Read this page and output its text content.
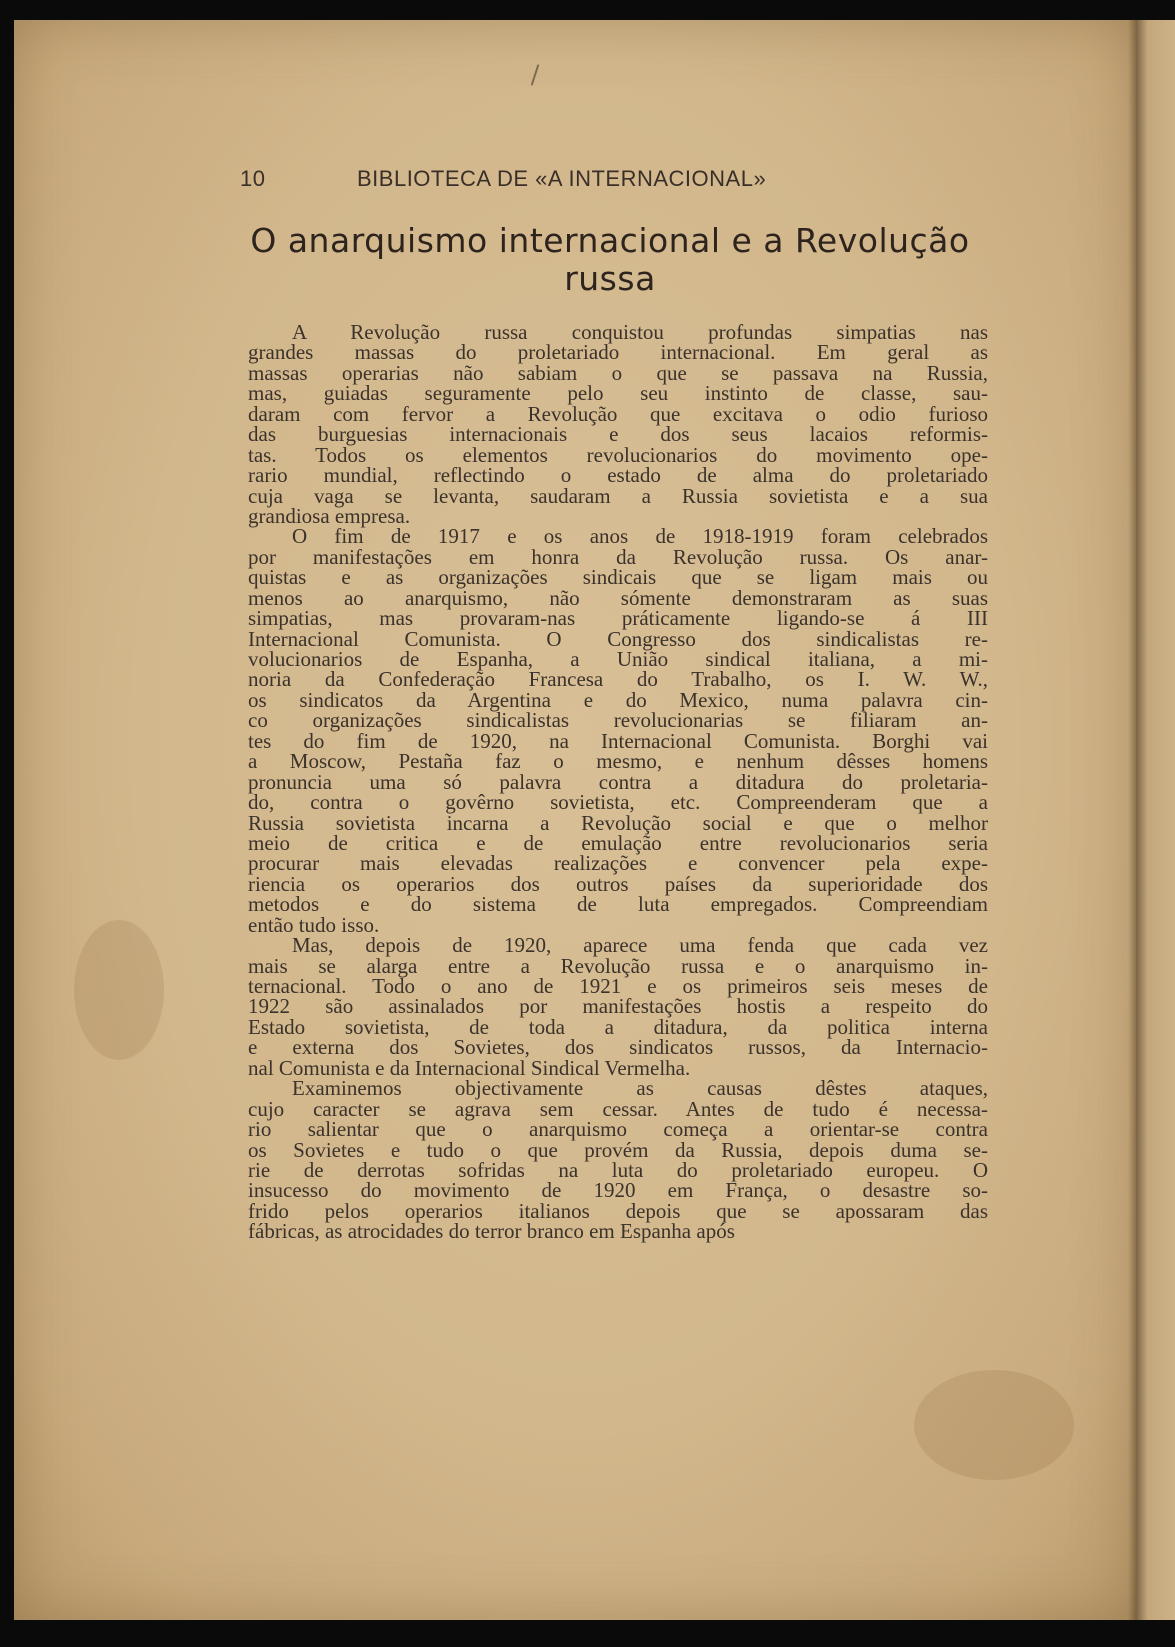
10	BIBLIOTECA DE «A INTERNACIONAL»
O anarquismo internacional e a Revolução
russa
A Revolução russa conquistou profundas simpatias nas
grandes massas do proletariado internacional. Em geral as
massas operarias não sabiam o que se passava na Russia,
mas, guiadas seguramente pelo seu instinto de classe, sau-
daram com fervor a Revolução que excitava o odio furioso
das burguesias internacionais e dos seus lacaios reformis-
tas. Todos os elementos revolucionarios do movimento ope-
rario mundial, reflectindo o estado de alma do proletariado
cuja vaga se levanta, saudaram a Russia sovietista e a sua
grandiosa empresa.
O fim de 1917 e os anos de 1918-1919 foram celebrados
por manifestações em honra da Revolução russa. Os anar-
quistas e as organizações sindicais que se ligam mais ou
menos ao anarquismo, não sómente demonstraram as suas
simpatias, mas provaram-nas práticamente ligando-se á III
Internacional Comunista. O Congresso dos sindicalistas re-
volucionarios de Espanha, a União sindical italiana, a mi-
noria da Confederação Francesa do Trabalho, os I. W. W.,
os sindicatos da Argentina e do Mexico, numa palavra cin-
co organizações sindicalistas revolucionarias se filiaram an-
tes do fim de 1920, na Internacional Comunista. Borghi vai
a Moscow, Pestaña faz o mesmo, e nenhum dêsses homens
pronuncia uma só palavra contra a ditadura do proletaria-
do, contra o govêrno sovietista, etc. Compreenderam que a
Russia sovietista incarna a Revolução social e que o melhor
meio de critica e de emulação entre revolucionarios seria
procurar mais elevadas realizações e convencer pela expe-
riencia os operarios dos outros países da superioridade dos
metodos e do sistema de luta empregados. Compreendiam
então tudo isso.
Mas, depois de 1920, aparece uma fenda que cada vez
mais se alarga entre a Revolução russa e o anarquismo in-
ternacional. Todo o ano de 1921 e os primeiros seis meses de
1922 são assinalados por manifestações hostis a respeito do
Estado sovietista, de toda a ditadura, da politica interna
e externa dos Sovietes, dos sindicatos russos, da Internacio-
nal Comunista e da Internacional Sindical Vermelha.
Examinemos objectivamente as causas dêstes ataques,
cujo caracter se agrava sem cessar. Antes de tudo é necessa-
rio salientar que o anarquismo começa a orientar-se contra
os Sovietes e tudo o que provém da Russia, depois duma se-
rie de derrotas sofridas na luta do proletariado europeu. O
insucesso do movimento de 1920 em França, o desastre so-
frido pelos operarios italianos depois que se apossaram das
fábricas, as atrocidades do terror branco em Espanha após
